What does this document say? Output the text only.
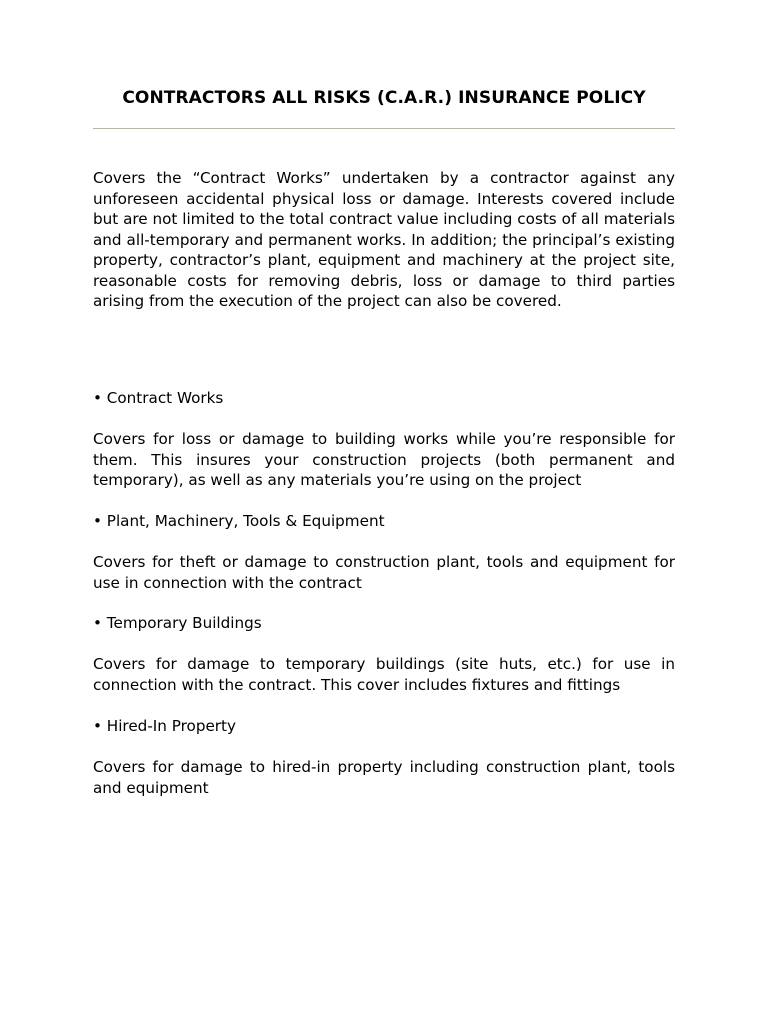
CONTRACTORS ALL RISKS (C.A.R.) INSURANCE POLICY

Covers the “Contract Works” undertaken by a contractor against any unforeseen accidental physical loss or damage. Interests covered include but are not limited to the total contract value including costs of all materials and all-temporary and permanent works. In addition; the principal’s existing property, contractor’s plant, equipment and machinery at the project site, reasonable costs for removing debris, loss or damage to third parties arising from the execution of the project can also be covered.

• Contract Works

Covers for loss or damage to building works while you’re responsible for them. This insures your construction projects (both permanent and temporary), as well as any materials you’re using on the project

• Plant, Machinery, Tools & Equipment

Covers for theft or damage to construction plant, tools and equipment for use in connection with the contract

• Temporary Buildings

Covers for damage to temporary buildings (site huts, etc.) for use in connection with the contract. This cover includes fixtures and fittings

• Hired-In Property

Covers for damage to hired-in property including construction plant, tools and equipment
